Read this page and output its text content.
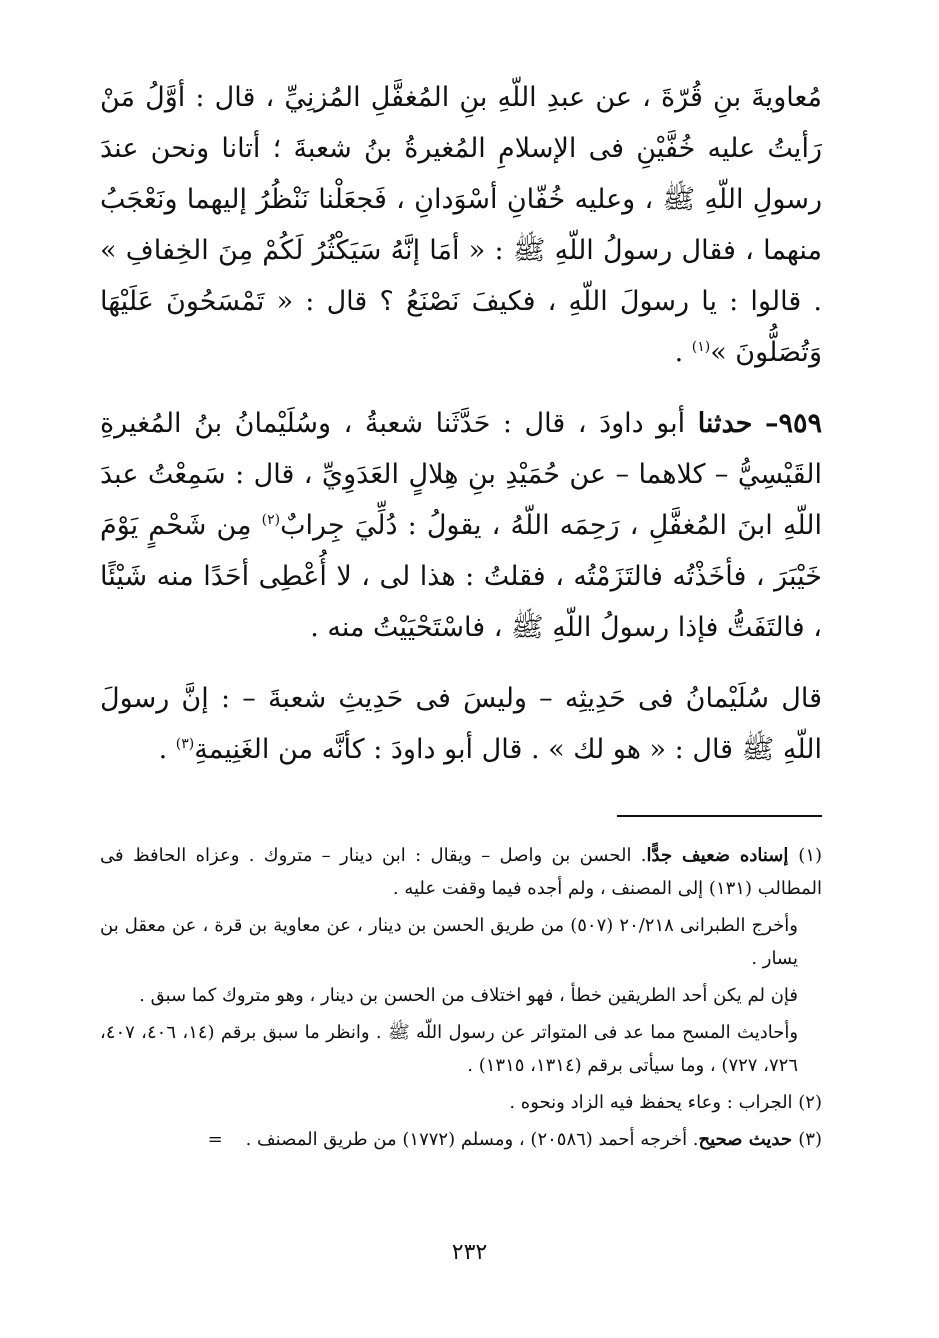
مُعاويةَ بنِ قُرّةَ ، عن عبدِ اللّهِ بنِ المُغفَّلِ المُزنِيِّ ، قال : أوَّلُ مَنْ رَأيتُ عليه خُفَّيْنِ فى الإسلامِ المُغيرةُ بنُ شعبةَ ؛ أتانا ونحن عندَ رسولِ اللّهِ ﷺ ، وعليه خُفّانِ أسْوَدانِ ، فَجعَلْنا نَنْظُرُ إليهما ونَعْجَبُ منهما ، فقال رسولُ اللّهِ ﷺ : « أمَا إنَّهُ سَيَكْثُرُ لَكُمْ مِنَ الخِفافِ » . قالوا : يا رسولَ اللّهِ ، فكيفَ نَصْنَعُ ؟ قال : « تَمْسَحُونَ عَلَيْهَا وَتُصَلُّونَ »$^{(١)}$ .

٩٥٩– حدثنا أبو داودَ ، قال : حَدَّثَنا شعبةُ ، وسُلَيْمانُ بنُ المُغيرةِ القَيْسِيُّ – كلاهما – عن حُمَيْدِ بنِ هِلالٍ العَدَوِيِّ ، قال : سَمِعْتُ عبدَ اللّهِ ابنَ المُغفَّلِ ، رَحِمَه اللّهُ ، يقولُ : دُلِّيَ جِرابٌ$^{(٢)}$ مِن شَحْمٍ يَوْمَ خَيْبَرَ ، فأخَذْتُه فالتَزَمْتُه ، فقلتُ : هذا لى ، لا أُعْطِى أحَدًا منه شَيْئًا ، فالتَفَتُّ فإذا رسولُ اللّهِ ﷺ ، فاسْتَحْيَيْتُ منه .

قال سُلَيْمانُ فى حَدِيثِه – وليسَ فى حَدِيثِ شعبةَ – : إنَّ رسولَ اللّهِ ﷺ قال : « هو لك » . قال أبو داودَ : كأنَّه من الغَنِيمةِ$^{(٣)}$ .

(١) إسناده ضعيف جدًّا. الحسن بن واصل – ويقال : ابن دينار – متروك . وعزاه الحافظ فى المطالب (١٣١) إلى المصنف ، ولم أجده فيما وقفت عليه .

وأخرج الطبرانى ٢٠/٢١٨ (٥٠٧) من طريق الحسن بن دينار ، عن معاوية بن قرة ، عن معقل بن يسار .

فإن لم يكن أحد الطريقين خطأ ، فهو اختلاف من الحسن بن دينار ، وهو متروك كما سبق .

وأحاديث المسح مما عد فى المتواتر عن رسول اللّه ﷺ . وانظر ما سبق برقم (١٤، ٤٠٦، ٤٠٧، ٧٢٦، ٧٢٧) ، وما سيأتى برقم (١٣١٤، ١٣١٥) .

(٢) الجراب : وعاء يحفظ فيه الزاد ونحوه .

(٣) حديث صحيح. أخرجه أحمد (٢٠٥٨٦) ، ومسلم (١٧٧٢) من طريق المصنف .    =

٢٣٢
